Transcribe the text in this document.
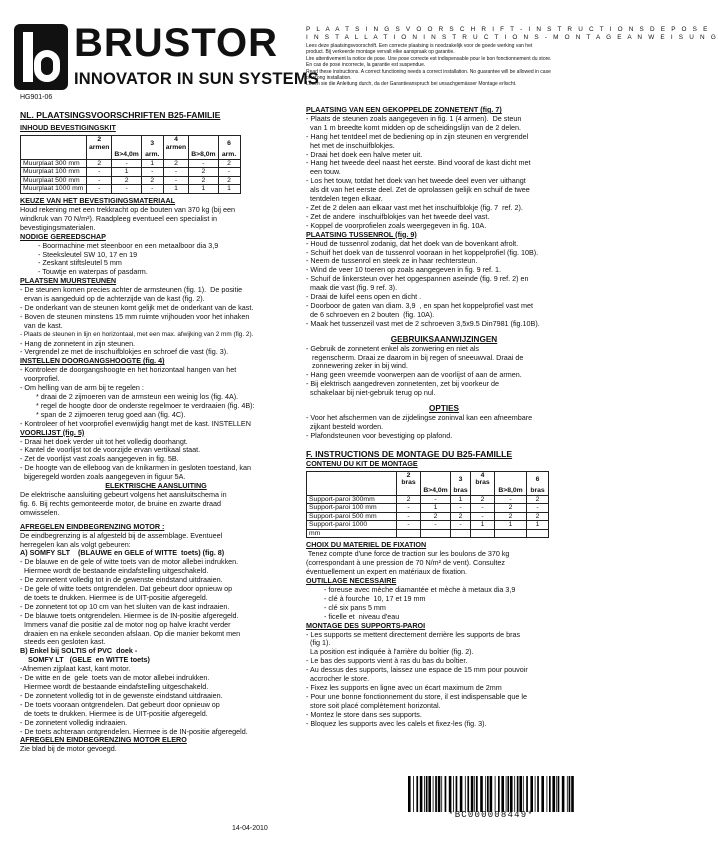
BRUSTOR
INNOVATOR IN SUN SYSTEMS
HG901-06
P L A A T S I N G S V O O R S C H R I F T - I N S T R U C T I O N S D E P O S E
I N S T A L L A T I O N I N S T R U C T I O N S - M O N T A G E A N W E I S U N G
Lees deze plaatsingsvoorschrift. Een correcte plaatsing is noodzakelijk voor de goede werking van het
product. Bij verkeerde montage vervalt elke aanspraak op garantie.
Lire attentivement la notice de pose. Une pose correcte est indispensable pour le bon fonctionnement du store.
En cas de pose incorrecte, la garantie est suspendue.
Read these instructions. A correct functioning needs a correct installation. No guarantee will be allowed in case
of wrong installation.
Lesen sie die Anleitung durch, da der Garantieanspruch bei unsachgemässer Montage erlischt.
NL. PLAATSINGSVOORSCHRIFTEN B25-FAMILIE
INHOUD BEVESTIGINGSKIT
	2 armen		3	4 armen		6
		B>4,0m	arm.		B>8,0m	arm.
Muurplaat 300 mm	2	-	1	2	-	2
Muurplaat 100 mm	-	1	-	-	2	-
Muurplaat 500 mm	-	2	2	-	2	2
Muurplaat 1000 mm	-	-	-	1	1	1
KEUZE VAN HET BEVESTIGINGSMATERIAAL
Houd rekening met een trekkracht op de bouten van 370 kg (bij een
windkruk van 70 N/m²). Raadpleeg eventueel een specialist in
bevestigingsmaterialen.
NODIGE GEREEDSCHAP
- Boormachine met steenboor en een metaalboor dia 3,9
- Steeksleutel SW 10, 17 en 19
- Zeskant stiftsleutel 5 mm
- Touwtje en waterpas of pasdarm.
PLAATSEN MUURSTEUNEN
- De steunen komen precies achter de armsteunen (fig. 1).  De positie
ervan is aangeduid op de achterzijde van de kast (fig. 2).
- De onderkant van de steunen komt gelijk met de onderkant van de kast.
- Boven de steunen minstens 15 mm ruimte vrijhouden voor het inhaken
van de kast.
- Plaats de steunen in lijn en horizontaal, met een max. afwijking van 2 mm (fig. 2).
- Hang de zonnetent in zijn steunen.
- Vergrendel ze met de inschuifblokjes en schroef die vast (fig. 3).
INSTELLEN DOORGANGSHOOGTE (fig. 4)
- Kontroleer de doorgangshoogte en het horizontaal hangen van het
voorprofiel.
- Om helling van de arm bij te regelen :
* draai de 2 zijmoeren van de armsteun een weinig los (fig. 4A).
* regel de hoogte door de onderste regelmoer te verdraaien (fig. 4B):
* span de 2 zijmoeren terug goed aan (fig. 4C).
- Kontroleer of het voorprofiel evenwijdig hangt met de kast. INSTELLEN
VOORLIJST (fig. 5)
- Draai het doek verder uit tot het volledig doorhangt.
- Kantel de voorlijst tot de voorzijde ervan vertikaal staat.
- Zet de voorlijst vast zoals aangegeven in fig. 5B.
- De hoogte van de elleboog van de knikarmen in gesloten toestand, kan
bijgeregeld worden zoals aangegeven in figuur 5A.
ELEKTRISCHE AANSLUITING
De elektrische aansluiting gebeurt volgens het aansluitschema in
fig. 6. Bij rechts gemonteerde motor, de bruine en zwarte draad
omwisselen.
AFREGELEN EINDBEGRENZING MOTOR :
De eindbegrenzing is al afgesteld bij de assemblage. Eventueel
herregelen kan als volgt gebeuren:
A) SOMFY SLT    (BLAUWE en GELE of WITTE  toets) (fig. 8)
- De blauwe en de gele of witte toets van de motor allebei indrukken.
Hiermee wordt de bestaande eindafstelling uitgeschakeld.
- De zonnetent volledig tot in de gewenste eindstand uitdraaien.
- De gele of witte toets ontgrendelen. Dat gebeurt door opnieuw op
de toets te drukken. Hiermee is de UIT-positie afgeregeld.
- De zonnetent tot op 10 cm van het sluiten van de kast indraaien.
- De blauwe toets ontgrendelen. Hiermee is de IN-positie afgeregeld.
Immers vanaf die positie zal de motor nog op halve kracht verder
draaien en na enkele seconden afslaan. Op die manier bekomt men
steeds een gesloten kast.
B) Enkel bij SOLTIS of PVC  doek -
SOMFY LT   (GELE  en WITTE toets)
-Afnemen zijplaat kast, kant motor.
- De witte en de  gele  toets van de motor allebei indrukken.
Hiermee wordt de bestaande eindafstelling uitgeschakeld.
- De zonnetent volledig tot in de gewenste eindstand uitdraaien.
- De toets vooraan ontgrendelen. Dat gebeurt door opnieuw op
de toets te drukken. Hiermee is de UIT-positie afgeregeld.
- De zonnetent volledig indraaien.
- De toets achteraan ontgrendelen. Hiermee is de IN-positie afgeregeld.
AFREGELEN EINDBEGRENZING MOTOR ELERO
Zie blad bij de motor gevoegd.
PLAATSING VAN EEN GEKOPPELDE ZONNETENT (fig. 7)
- Plaats de steunen zoals aangegeven in fig. 1 (4 armen).  De steun
van 1 m breedte komt midden op de scheidingslijn van de 2 delen.
- Hang het tentdeel met de bediening op in zijn steunen en vergrendel
het met de inschuifblokjes.
- Draai het doek een halve meter uit.
- Hang het tweede deel naast het eerste. Bind vooraf de kast dicht met
een touw.
- Los het touw, totdat het doek van het tweede deel even ver uithangt
als dit van het eerste deel. Zet de oprolassen gelijk en schuif de twee
tentdelen tegen elkaar.
- Zet de 2 delen aan elkaar vast met het inschuifblokje (fig. 7  ref. 2).
- Zet de andere  inschuifblokjes van het tweede deel vast.
- Koppel de voorprofielen zoals weergegeven in fig. 10A.
PLAATSING TUSSENROL (fig. 9)
- Houd de tussenrol zodanig, dat het doek van de bovenkant afrolt.
- Schuif het doek van de tussenrol vooraan in het koppelprofiel (fig. 10B).
- Neem de tussenrol en steek ze in haar rechtersteun.
- Wind de veer 10 toeren op zoals aangegeven in fig. 9 ref. 1.
- Schuif de linkersteun over het opgespannen aseinde (fig. 9 ref. 2) en
maak die vast (fig. 9 ref. 3).
- Draai de luifel eens open en dicht .
- Doorboor de gaten van diam. 3,9  , en span het koppelprofiel vast met
de 6 schroeven en 2 bouten  (fig. 10A).
- Maak het tussenzeil vast met de 2 schroeven 3,5x9.5 Din7981 (fig.10B).
GEBRUIKSAANWIJZINGEN
- Gebruik de zonnetent enkel als zonwering en niet als
regenscherm. Draai ze daarom in bij regen of sneeuwval. Draai de
zonnewering zeker in bij wind.
- Hang geen vreemde voorwerpen aan de voorlijst of aan de armen.
- Bij elektrisch aangedreven zonnetenten, zet bij voorkeur de
schakelaar bij niet-gebruik terug op nul.
OPTIES
- Voor het afschermen van de zijdelingse zoninval kan een afneembare
zijkant besteld worden.
- Plafondsteunen voor bevestiging op plafond.
F. INSTRUCTIONS DE MONTAGE DU B25-FAMILLE
CONTENU DU KIT DE MONTAGE
	2 bras		3	4 bras		6
		B>4,0m	bras		B>8,0m	bras
Support-paroi 300mm	2	-	1	2	-	2
Support-paroi 100 mm	-	1	-	-	2	-
Support-paroi 500 mm	-	2	2	-	2	2
Support-paroi 1000	-	-	-	1	1	1
mm						
CHOIX DU MATERIEL DE FIXATION
Tenez compte d'une force de traction sur les boulons de 370 kg
(correspondant à une pression de 70 N/m² de vent). Consultez
éventuellement un expert en matériaux de fixation.
OUTILLAGE NECESSAIRE
- foreuse avec mèche diamantée et mèche à metaux dia 3,9
- clé à fourche  10, 17 et 19 mm
- clé six pans 5 mm
- ficelle et  niveau d'eau
MONTAGE DES SUPPORTS-PAROI
- Les supports se mettent directement derrière les supports de bras
(fig 1).
La position est indiquée à l'arrière du boîtier (fig. 2).
- Le bas des supports vient à ras du bas du boîtier.
- Au dessus des supports, laissez une espace de 15 mm pour pouvoir
accrocher le store.
- Fixez les supports en ligne avec un écart maximum de 2mm
- Pour une bonne fonctionnement du store, il est indispensable que le
store soit placé complètement horizontal.
- Montez le store dans ses supports.
- Bloquez les supports avec les calels et fixez-les (fig. 3).
*BC000008449*
14-04-2010
